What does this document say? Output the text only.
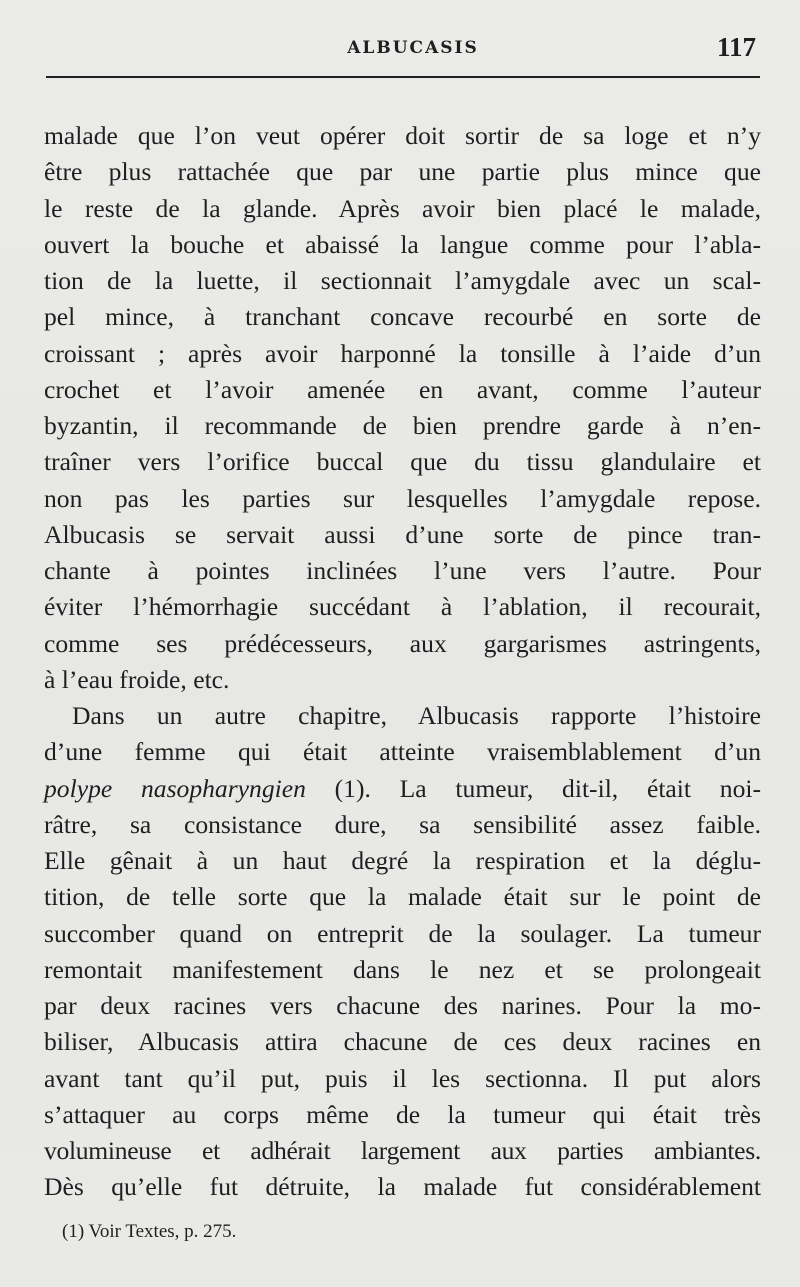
ALBUCASIS	117
malade que l’on veut opérer doit sortir de sa loge et n’y
être plus rattachée que par une partie plus mince que
le reste de la glande. Après avoir bien placé le malade,
ouvert la bouche et abaissé la langue comme pour l’abla-
tion de la luette, il sectionnait l’amygdale avec un scal-
pel mince, à tranchant concave recourbé en sorte de
croissant ; après avoir harponné la tonsille à l’aide d’un
crochet et l’avoir amenée en avant, comme l’auteur
byzantin, il recommande de bien prendre garde à n’en-
traîner vers l’orifice buccal que du tissu glandulaire et
non pas les parties sur lesquelles l’amygdale repose.
Albucasis se servait aussi d’une sorte de pince tran-
chante à pointes inclinées l’une vers l’autre. Pour
éviter l’hémorrhagie succédant à l’ablation, il recourait,
comme ses prédécesseurs, aux gargarismes astringents,
à l’eau froide, etc.
Dans un autre chapitre, Albucasis rapporte l’histoire
d’une femme qui était atteinte vraisemblablement d’un
polype nasopharyngien (1). La tumeur, dit-il, était noi-
râtre, sa consistance dure, sa sensibilité assez faible.
Elle gênait à un haut degré la respiration et la déglu-
tition, de telle sorte que la malade était sur le point de
succomber quand on entreprit de la soulager. La tumeur
remontait manifestement dans le nez et se prolongeait
par deux racines vers chacune des narines. Pour la mo-
biliser, Albucasis attira chacune de ces deux racines en
avant tant qu’il put, puis il les sectionna. Il put alors
s’attaquer au corps même de la tumeur qui était très
volumineuse et adhérait largement aux parties ambiantes.
Dès qu’elle fut détruite, la malade fut considérablement
(1) Voir Textes, p. 275.
